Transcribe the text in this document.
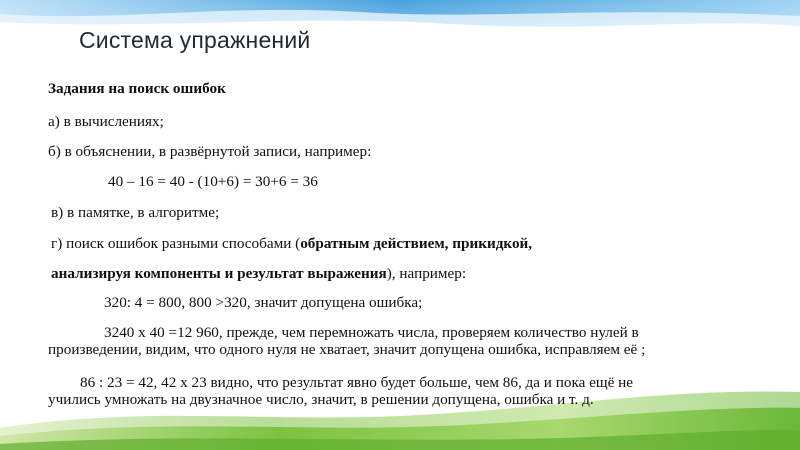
Система упражнений
Задания на поиск ошибок
а) в вычислениях;
б) в объяснении, в развёрнутой записи, например:
40 – 16 = 40 - (10+6) = 30+6 = 36
в) в памятке, в алгоритме;
г) поиск ошибок разными способами (обратным действием, прикидкой,
анализируя компоненты и результат выражения), например:
320: 4 = 800, 800 >320, значит допущена ошибка;
3240 х 40 =12 960, прежде, чем перемножать числа, проверяем количество нулей в
произведении, видим, что одного нуля не хватает, значит допущена ошибка, исправляем её ;
86 : 23 = 42, 42 х 23 видно, что результат явно будет больше, чем 86, да и пока ещё не
учились умножать на двузначное число, значит, в решении допущена, ошибка и т. д.
